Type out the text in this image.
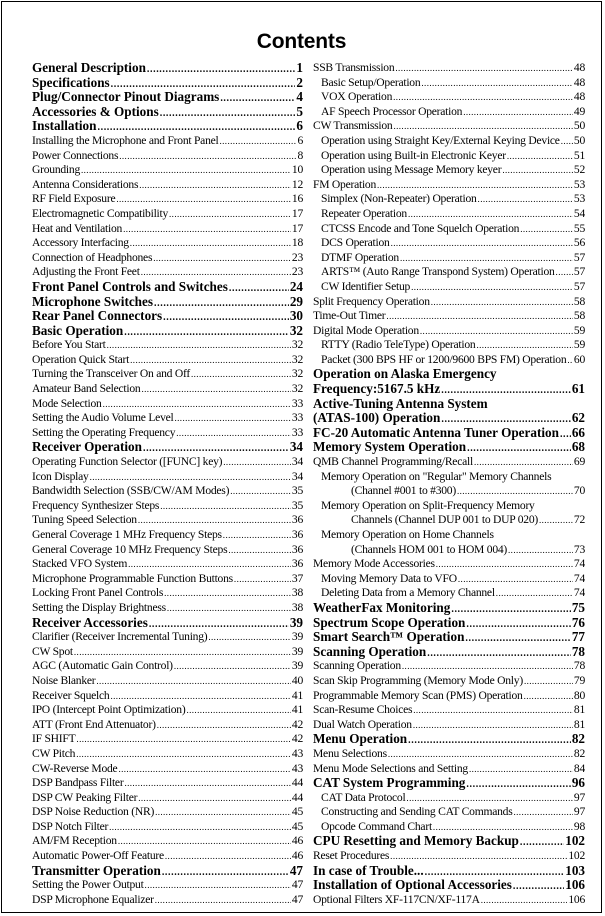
Contents
General Description .....	1
Specifications .....	2
Plug/Connector Pinout Diagrams .....	4
Accessories & Options .....	5
Installation .....	6
Installing the Microphone and Front Panel .....	6
Power Connections .....	8
Grounding .....	10
Antenna Considerations .....	12
RF Field Exposure .....	16
Electromagnetic Compatibility .....	17
Heat and Ventilation .....	17
Accessory Interfacing .....	18
Connection of Headphones .....	23
Adjusting the Front Feet .....	23
Front Panel Controls and Switches .....	24
Microphone Switches .....	29
Rear Panel Connectors .....	30
Basic Operation .....	32
Before You Start .....	32
Operation Quick Start .....	32
Turning the Transceiver On and Off .....	32
Amateur Band Selection .....	32
Mode Selection .....	33
Setting the Audio Volume Level .....	33
Setting the Operating Frequency .....	33
Receiver Operation .....	34
Operating Function Selector ([FUNC] key) .....	34
Icon Display .....	34
Bandwidth Selection (SSB/CW/AM Modes) .....	35
Frequency Synthesizer Steps .....	35
Tuning Speed Selection .....	36
General Coverage 1 MHz Frequency Steps .....	36
General Coverage 10 MHz Frequency Steps .....	36
Stacked VFO System .....	36
Microphone Programmable Function Buttons .....	37
Locking Front Panel Controls .....	38
Setting the Display Brightness .....	38
Receiver Accessories .....	39
Clarifier (Receiver Incremental Tuning) .....	39
CW Spot .....	39
AGC (Automatic Gain Control) .....	39
Noise Blanker .....	40
Receiver Squelch .....	41
IPO (Intercept Point Optimization) .....	41
ATT (Front End Attenuator) .....	42
IF SHIFT .....	42
CW Pitch .....	43
CW-Reverse Mode .....	43
DSP Bandpass Filter .....	44
DSP CW Peaking Filter .....	44
DSP Noise Reduction (NR) .....	45
DSP Notch Filter .....	45
AM/FM Reception .....	46
Automatic Power-Off Feature .....	46
Transmitter Operation .....	47
Setting the Power Output .....	47
DSP Microphone Equalizer .....	47
SSB Transmission .....	48
Basic Setup/Operation .....	48
VOX Operation .....	48
AF Speech Processor Operation .....	49
CW Transmission .....	50
Operation using Straight Key/External Keying Device ..... 50
Operation using Built-in Electronic Keyer .....	51
Operation using Message Memory keyer .....	52
FM Operation .....	53
Simplex (Non-Repeater) Operation .....	53
Repeater Operation .....	54
CTCSS Encode and Tone Squelch Operation .....	55
DCS Operation .....	56
DTMF Operation .....	57
ARTS™ (Auto Range Transpond System) Operation ..... 57
CW Identifier Setup .....	57
Split Frequency Operation .....	58
Time-Out Timer .....	58
Digital Mode Operation .....	59
RTTY (Radio TeleType) Operation .....	59
Packet (300 BPS HF or 1200/9600 BPS FM) Operation ..... 60
Operation on Alaska Emergency
Frequency:5167.5 kHz .....	61
Active-Tuning Antenna System
(ATAS-100) Operation .....	62
FC-20 Automatic Antenna Tuner Operation ..... 66
Memory System Operation .....	68
QMB Channel Programming/Recall .....	69
Memory Operation on "Regular" Memory Channels
(Channel #001 to #300) .....	70
Memory Operation on Split-Frequency Memory
Channels (Channel DUP 001 to DUP 020) .....	72
Memory Operation on Home Channels
(Channels HOM 001 to HOM 004) .....	73
Memory Mode Accessories .....	74
Moving Memory Data to VFO .....	74
Deleting Data from a Memory Channel .....	74
WeatherFax Monitoring .....	75
Spectrum Scope Operation .....	76
Smart Search™ Operation .....	77
Scanning Operation .....	78
Scanning Operation .....	78
Scan Skip Programming (Memory Mode Only) .....	79
Programmable Memory Scan (PMS) Operation .....	80
Scan-Resume Choices .....	81
Dual Watch Operation .....	81
Menu Operation .....	82
Menu Selections .....	82
Menu Mode Selections and Setting .....	84
CAT System Programming .....	96
CAT Data Protocol .....	97
Constructing and Sending CAT Commands .....	97
Opcode Command Chart .....	98
CPU Resetting and Memory Backup .....	102
Reset Procedures .....	102
In case of Trouble... .....	103
Installation of Optional Accessories .....	106
Optional Filters XF-117CN/XF-117A .....	106
